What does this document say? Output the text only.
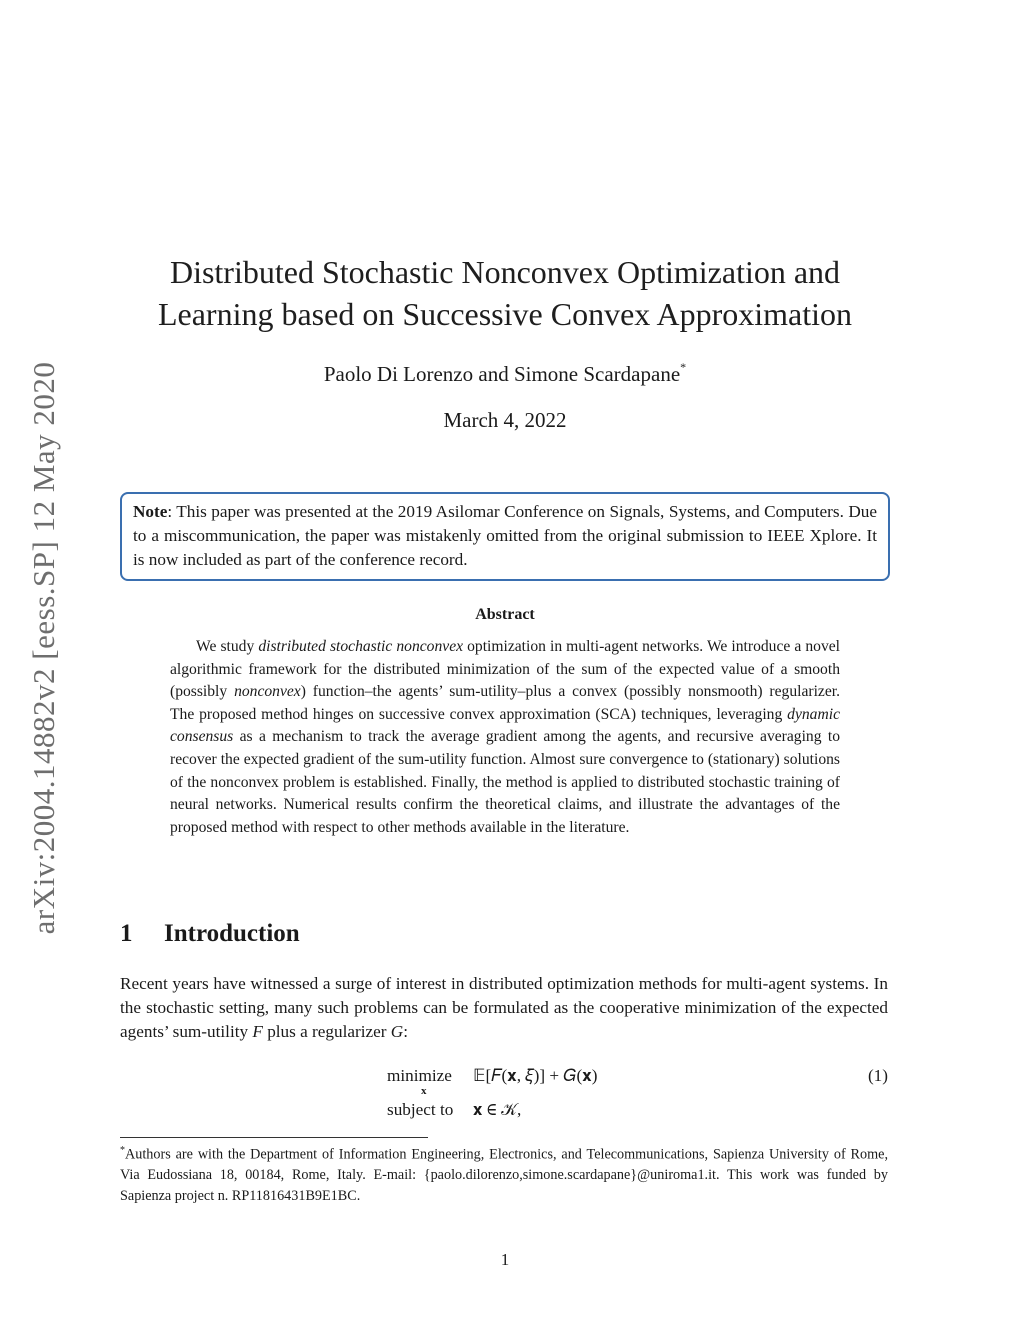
arXiv:2004.14882v2 [eess.SP] 12 May 2020
Distributed Stochastic Nonconvex Optimization and
Learning based on Successive Convex Approximation
Paolo Di Lorenzo and Simone Scardapane*
March 4, 2022
Note: This paper was presented at the 2019 Asilomar Conference on Signals, Systems, and Computers. Due to a miscommunication, the paper was mistakenly omitted from the original submission to IEEE Xplore. It is now included as part of the conference record.
Abstract

We study distributed stochastic nonconvex optimization in multi-agent networks. We introduce a novel algorithmic framework for the distributed minimization of the sum of the expected value of a smooth (possibly nonconvex) function–the agents’ sum-utility–plus a convex (possibly nonsmooth) regularizer. The proposed method hinges on successive convex approximation (SCA) techniques, leveraging dynamic consensus as a mechanism to track the average gradient among the agents, and recursive averaging to recover the expected gradient of the sum-utility function. Almost sure convergence to (stationary) solutions of the nonconvex problem is established. Finally, the method is applied to distributed stochastic training of neural networks. Numerical results confirm the theoretical claims, and illustrate the advantages of the proposed method with respect to other methods available in the literature.

1 Introduction

Recent years have witnessed a surge of interest in distributed optimization methods for multi-agent systems. In the stochastic setting, many such problems can be formulated as the cooperative minimization of the expected agents’ sum-utility F plus a regularizer G:

minimize
x
𝔼[𝐹(𝐱, 𝜉)] + 𝐺(𝐱)	(1)
subject to 𝐱 ∈ 𝒦,

*Authors are with the Department of Information Engineering, Electronics, and Telecommunications, Sapienza University of Rome, Via Eudossiana 18, 00184, Rome, Italy. E-mail: {paolo.dilorenzo,simone.scardapane}@uniroma1.it. This work was funded by Sapienza project n. RP11816431B9E1BC.

1
